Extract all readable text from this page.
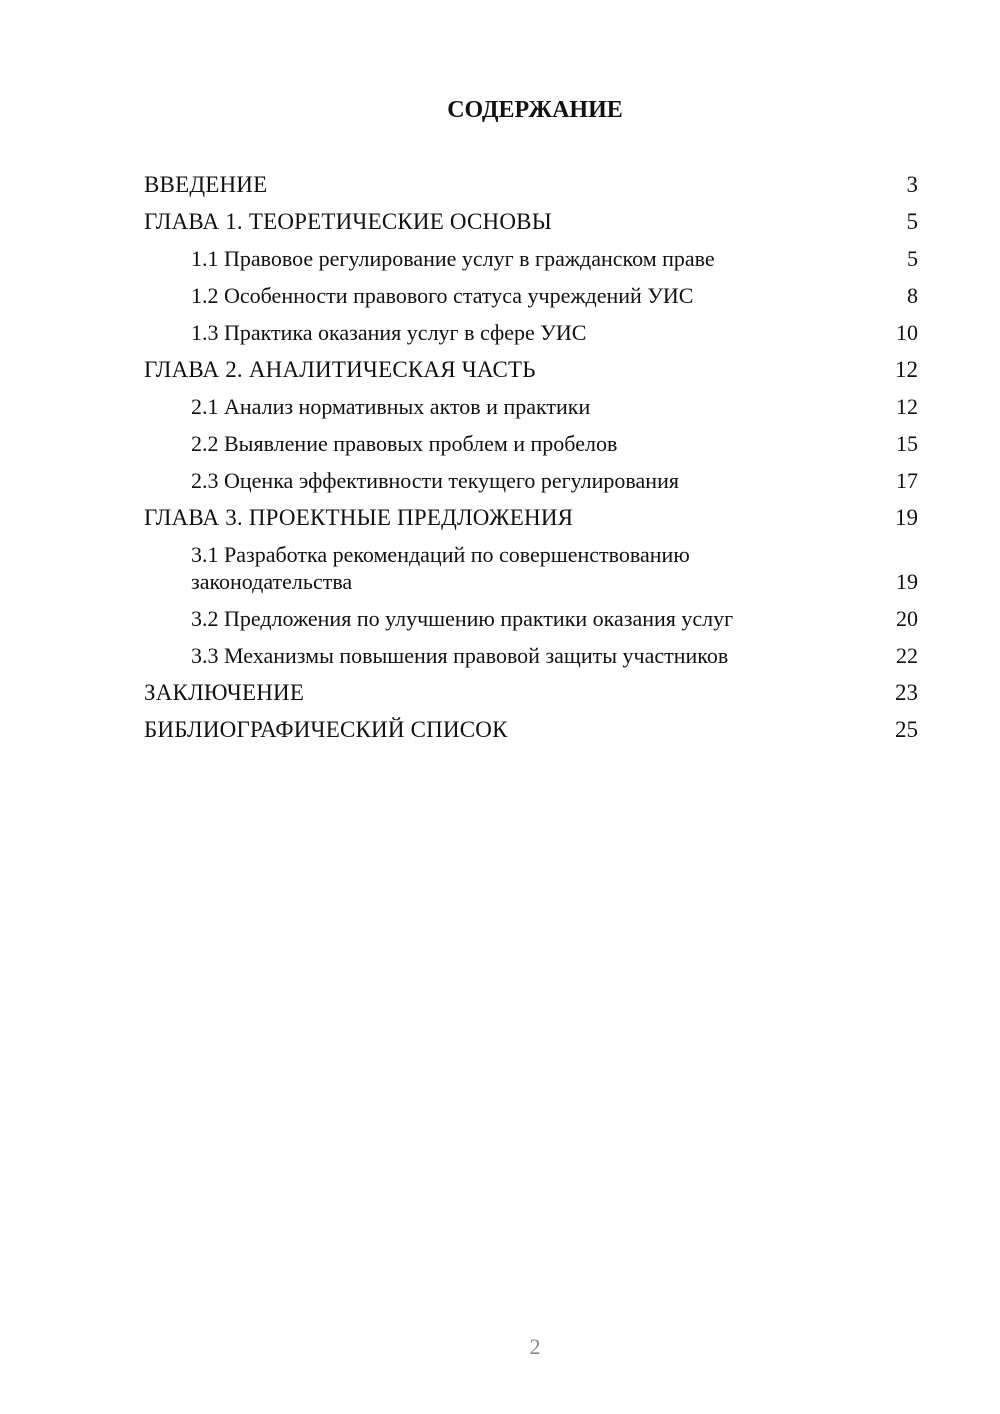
СОДЕРЖАНИЕ
ВВЕДЕНИЕ	3
ГЛАВА 1. ТЕОРЕТИЧЕСКИЕ ОСНОВЫ	5
1.1 Правовое регулирование услуг в гражданском праве	5
1.2 Особенности правового статуса учреждений УИС	8
1.3 Практика оказания услуг в сфере УИС	10
ГЛАВА 2. АНАЛИТИЧЕСКАЯ ЧАСТЬ	12
2.1 Анализ нормативных актов и практики	12
2.2 Выявление правовых проблем и пробелов	15
2.3 Оценка эффективности текущего регулирования	17
ГЛАВА 3. ПРОЕКТНЫЕ ПРЕДЛОЖЕНИЯ	19
3.1 Разработка рекомендаций по совершенствованию
законодательства	19
3.2 Предложения по улучшению практики оказания услуг	20
3.3 Механизмы повышения правовой защиты участников	22
ЗАКЛЮЧЕНИЕ	23
БИБЛИОГРАФИЧЕСКИЙ СПИСОК	25
2
